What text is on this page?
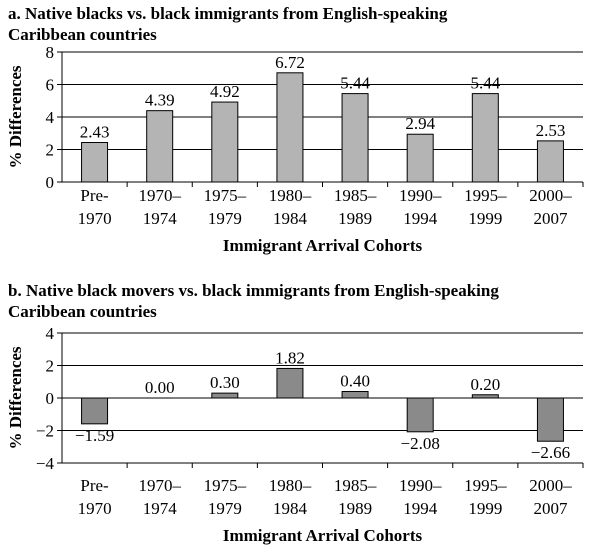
a. Native blacks vs. black immigrants from English-speaking
Caribbean countries
0
2
4
6
8
% Differences	2.43
Pre-
1970
4.39
1970–
1974
4.92
1975–
1979
6.72
1980–
1984
5.44
1985–
1989
2.94
1990–
1994
5.44
1995–
1999
2.53
2000–
2007
Immigrant Arrival Cohorts
b. Native black movers vs. black immigrants from English-speaking
Caribbean countries
−4
−2
0
2
4
% Differences	−1.59
Pre-
1970
0.00
1970–
1974
0.30
1975–
1979
1.82
1980–
1984
0.40
1985–
1989
−2.08
1990–
1994
0.20
1995–
1999
−2.66
2000–
2007
Immigrant Arrival Cohorts
